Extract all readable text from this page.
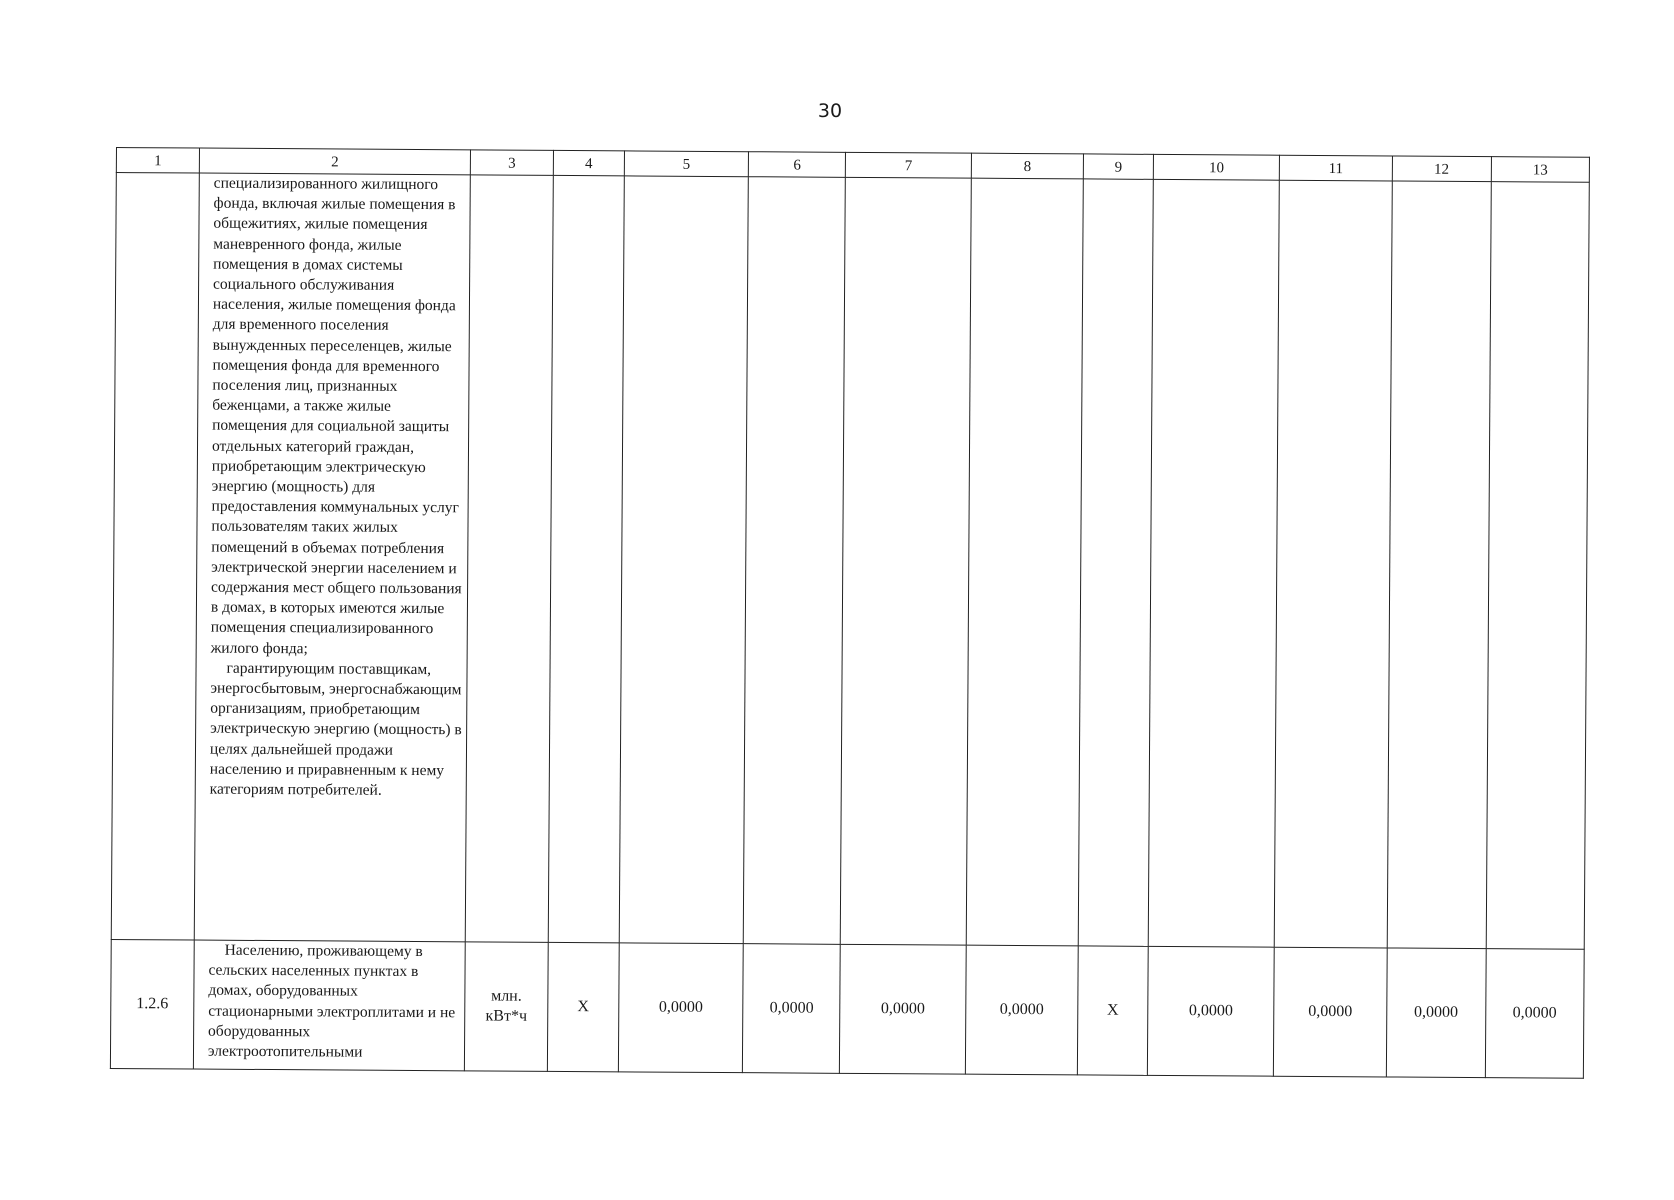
30
1	2	3	4	5	6	7	8	9	10	11	12	13

	специализированного жилищного фонда, включая жилые помещения в общежитиях, жилые помещения маневренного фонда, жилые помещения в домах системы социального обслуживания населения, жилые помещения фонда для временного поселения вынужденных переселенцев, жилые помещения фонда для временного поселения лиц, признанных беженцами, а также жилые помещения для социальной защиты отдельных категорий граждан, приобретающим электрическую энергию (мощность) для предоставления коммунальных услуг пользователям таких жилых помещений в объемах потребления электрической энергии населением и содержания мест общего пользования в домах, в которых имеются жилые помещения специализированного жилого фонда;

гарантирующим поставщикам, энергосбытовым, энергоснабжающим организациям, приобретающим электрическую энергию (мощность) в целях дальнейшей продажи населению и приравненным к нему категориям потребителей.											

1.2.6	Населению, проживающему в сельских населенных пунктах в домах, оборудованных стационарными электроплитами и не оборудованных электроотопительными	млн. кВт*ч	X	0,0000	0,0000	0,0000	0,0000	X	0,0000	0,0000	0,0000	0,0000
